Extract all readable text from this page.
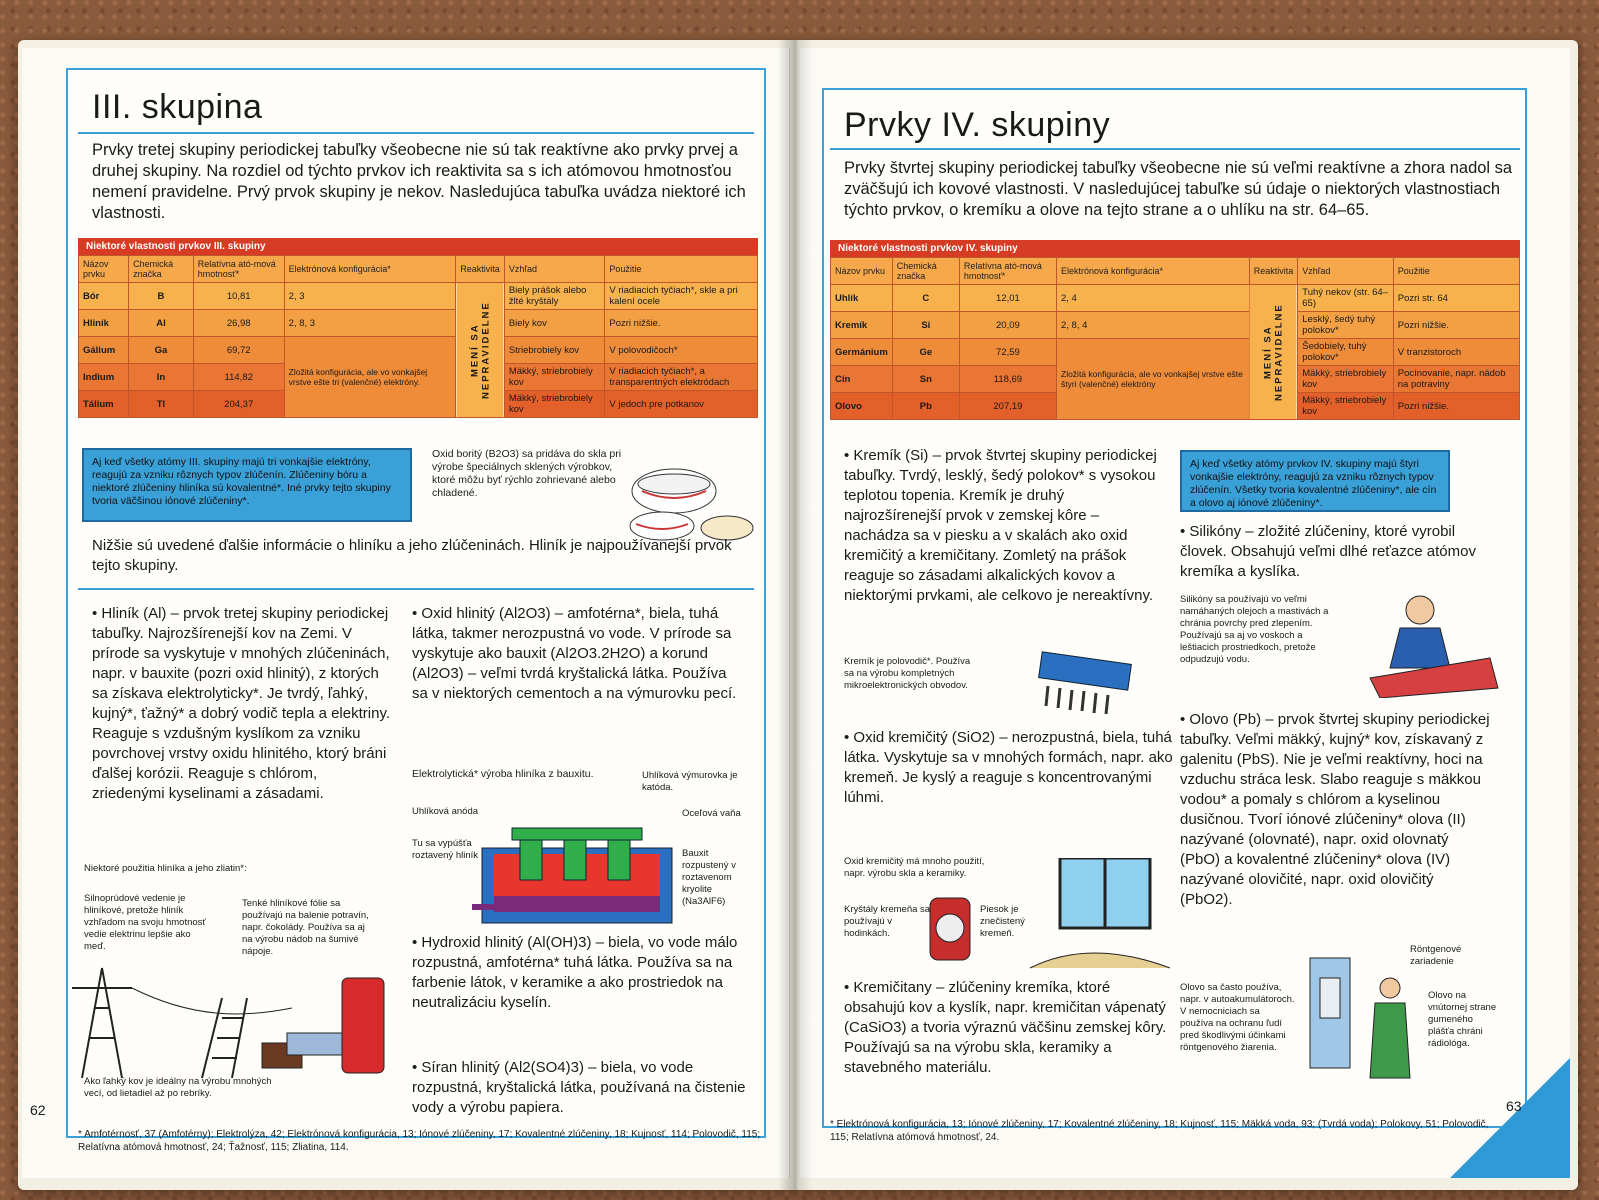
III. skupina

Prvky tretej skupiny periodickej tabuľky všeobecne nie sú tak reaktívne ako prvky prvej a druhej skupiny. Na rozdiel od týchto prvkov ich reaktivita sa s ich atómovou hmotnosťou nemení pravidelne. Prvý prvok skupiny je nekov. Nasledujúca tabuľka uvádza niektoré ich vlastnosti.

Niektoré vlastnosti prvkov III. skupiny
Názov prvku	Chemická značka	Relatívna ató-mová hmotnosť*	Elektrónová konfigurácia*	Reaktivita	Vzhľad	Použitie
Bór	B	10,81	2, 3	MENÍ SA NEPRAVIDELNE	Biely prášok alebo žlté kryštály	V riadiacich tyčiach*, skle a pri kalení ocele
Hliník	Al	26,98	2, 8, 3		Biely kov	Pozri nižšie.
Gálium	Ga	69,72	Zložitá konfigurácia, ale vo vonkajšej vrstve ešte tri (valenčné) elektróny.		Striebrobiely kov	V polovodičoch*
Indium	In	114,82			Mäkký, striebrobiely kov	V riadiacich tyčiach*, a transparentných elektródach
Tálium	Tl	204,37			Mäkký, striebrobiely kov	V jedoch pre potkanov
Aj keď všetky atómy III. skupiny majú tri vonkajšie elektróny, reagujú za vzniku rôznych typov zlúčenín. Zlúčeniny bóru a niektoré zlúčeniny hliníka sú kovalentné*. Iné prvky tejto skupiny tvoria väčšinou iónové zlúčeniny*.
Oxid boritý (B2O3) sa pridáva do skla pri výrobe špeciálnych sklených výrobkov, ktoré môžu byť rýchlo zohrievané alebo chladené.

Nižšie sú uvedené ďalšie informácie o hliníku a jeho zlúčeninách. Hliník je najpoužívanejší prvok tejto skupiny.

• Hliník (Al) – prvok tretej skupiny periodickej tabuľky. Najrozšírenejší kov na Zemi. V prírode sa vyskytuje v mnohých zlúčeninách, napr. v bauxite (pozri oxid hlinitý), z ktorých sa získava elektrolyticky*. Je tvrdý, ľahký, kujný*, ťažný* a dobrý vodič tepla a elektriny. Reaguje s vzdušným kyslíkom za vzniku povrchovej vrstvy oxidu hlinitého, ktorý bráni ďalšej korózii. Reaguje s chlórom, zriedenými kyselinami a zásadami.

• Oxid hlinitý (Al2O3) – amfotérna*, biela, tuhá látka, takmer nerozpustná vo vode. V prírode sa vyskytuje ako bauxit (Al2O3.2H2O) a korund (Al2O3) – veľmi tvrdá kryštalická látka. Používa sa v niektorých cementoch a na výmurovku pecí.

Elektrolytická* výroba hliníka z bauxitu.	Uhlíková výmurovka je katóda.
Uhlíková anóda	Oceľová vaňa
Tu sa vypúšťa roztavený hliník	Bauxit rozpustený v roztavenom kryolite (Na3AlF6)

• Hydroxid hlinitý (Al(OH)3) – biela, vo vode málo rozpustná, amfotérna* tuhá látka. Používa sa na farbenie látok, v keramike a ako prostriedok na neutralizáciu kyselín.

• Síran hlinitý (Al2(SO4)3) – biela, vo vode rozpustná, kryštalická látka, používaná na čistenie vody a výrobu papiera.

Niektoré použitia hliníka a jeho zliatin*:
Silnoprúdové vedenie je hliníkové, pretože hliník vzhľadom na svoju hmotnosť vedie elektrinu lepšie ako meď.
Tenké hliníkové fólie sa používajú na balenie potravín, napr. čokolády. Používa sa aj na výrobu nádob na šumivé nápoje.
Ako ľahký kov je ideálny na výrobu mnohých vecí, od lietadiel až po rebríky.
62

* Amfotérnosť, 37 (Amfotérny); Elektrolýza, 42; Elektrónová konfigurácia, 13; Iónové zlúčeniny, 17; Kovalentné zlúčeniny, 18; Kujnosť, 114; Polovodič, 115; Relatívna atómová hmotnosť, 24; Ťažnosť, 115; Zliatina, 114.

Prvky IV. skupiny

Prvky štvrtej skupiny periodickej tabuľky všeobecne nie sú veľmi reaktívne a zhora nadol sa zväčšujú ich kovové vlastnosti. V nasledujúcej tabuľke sú údaje o niektorých vlastnostiach týchto prvkov, o kremíku a olove na tejto strane a o uhlíku na str. 64–65.

Niektoré vlastnosti prvkov IV. skupiny
Názov prvku	Chemická značka	Relatívna ató-mová hmotnosť*	Elektrónová konfigurácia*	Reaktivita	Vzhľad	Použitie
Uhlík	C	12,01	2, 4	MENÍ SA NEPRAVIDELNE	Tuhý nekov (str. 64–65)	Pozri str. 64
Kremík	Si	20,09	2, 8, 4		Lesklý, šedý tuhý polokov*	Pozri nižšie.
Germánium	Ge	72,59	Zložitá konfigurácia, ale vo vonkajšej vrstve ešte štyri (valenčné) elektróny		Šedobiely, tuhý polokov*	V tranzistoroch
Cín	Sn	118,69			Mäkký, striebrobiely kov	Pocínovanie, napr. nádob na potraviny
Olovo	Pb	207,19			Mäkký, striebrobiely kov	Pozri nižšie.
Aj keď všetky atómy prvkov IV. skupiny majú štyri vonkajšie elektróny, reagujú za vzniku rôznych typov zlúčenín. Všetky tvoria kovalentné zlúčeniny*, ale cín a olovo aj iónové zlúčeniny*.

• Kremík (Si) – prvok štvrtej skupiny periodickej tabuľky. Tvrdý, lesklý, šedý polokov* s vysokou teplotou topenia. Kremík je druhý najrozšírenejší prvok v zemskej kôre – nachádza sa v piesku a v skalách ako oxid kremičitý a kremičitany. Zomletý na prášok reaguje so zásadami alkalických kovov a niektorými prvkami, ale celkovo je nereaktívny.

• Silikóny – zložité zlúčeniny, ktoré vyrobil človek. Obsahujú veľmi dlhé reťazce atómov kremíka a kyslíka.

Silikóny sa používajú vo veľmi namáhaných olejoch a mastivách a chránia povrchy pred zlepením. Používajú sa aj vo voskoch a leštiacich prostriedkoch, pretože odpudzujú vodu.
Kremík je polovodič*. Používa sa na výrobu kompletných mikroelektronických obvodov.

• Oxid kremičitý (SiO2) – nerozpustná, biela, tuhá látka. Vyskytuje sa v mnohých formách, napr. ako kremeň. Je kyslý a reaguje s koncentrovanými lúhmi.

Oxid kremičitý má mnoho použití, napr. výrobu skla a keramiky.
Kryštály kremeňa sa používajú v hodinkách.
Piesok je znečistený kremeň.

• Kremičitany – zlúčeniny kremíka, ktoré obsahujú kov a kyslík, napr. kremičitan vápenatý (CaSiO3) a tvoria výraznú väčšinu zemskej kôry. Používajú sa na výrobu skla, keramiky a stavebného materiálu.

• Olovo (Pb) – prvok štvrtej skupiny periodickej tabuľky. Veľmi mäkký, kujný* kov, získavaný z galenitu (PbS). Nie je veľmi reaktívny, hoci na vzduchu stráca lesk. Slabo reaguje s mäkkou vodou* a pomaly s chlórom a kyselinou dusičnou. Tvorí iónové zlúčeniny* olova (II) nazývané (olovnaté), napr. oxid olovnatý (PbO) a kovalentné zlúčeniny* olova (IV) nazývané olovičité, napr. oxid olovičitý (PbO2).

Olovo sa často používa, napr. v autoakumulátoroch. V nemocniciach sa používa na ochranu ľudí pred škodlivými účinkami röntgenového žiarenia.
Röntgenové zariadenie
Olovo na vnútornej strane gumeného plášťa chráni rádiológa.
63

* Elektrónová konfigurácia, 13; Iónové zlúčeniny, 17; Kovalentné zlúčeniny, 18; Kujnosť, 115; Mäkká voda, 93; (Tvrdá voda); Polokovy, 51; Polovodič, 115; Relatívna atómová hmotnosť, 24.
